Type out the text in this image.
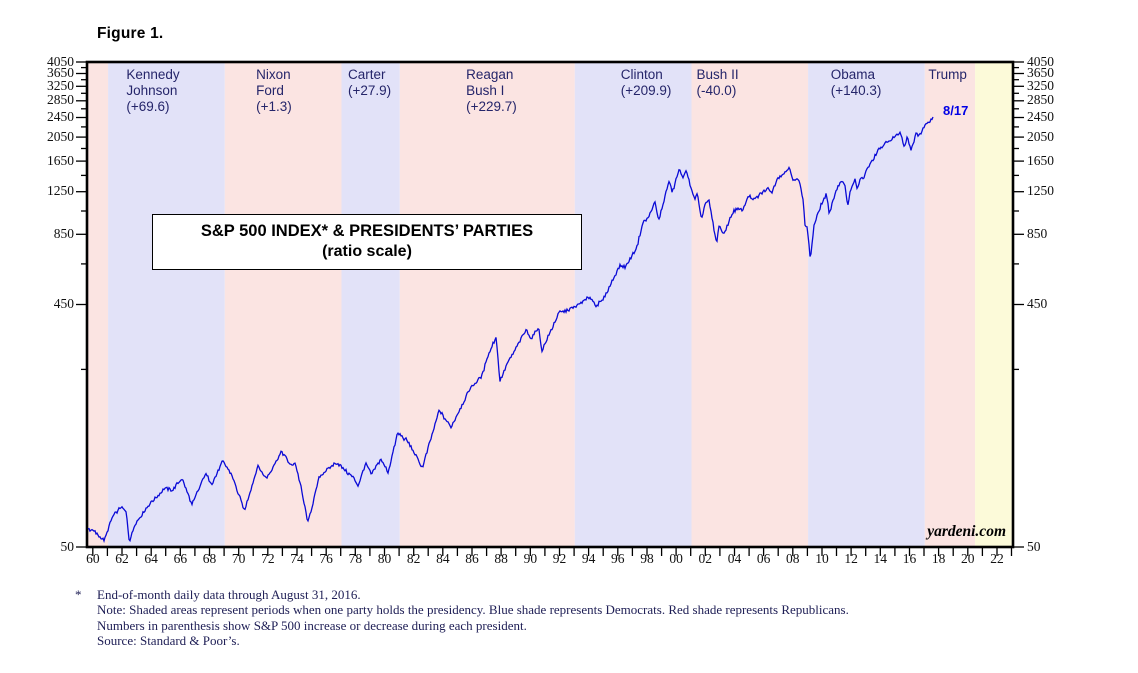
Figure 1.
50	50
450	450
850	850
1250	1250
1650	1650
2050	2050
2450	2450
2850	2850
3250	3250
3650	3650
4050	4050
60	62	64	66	68	70	72	74	76	78	80	82	84	86	88	90	92	94	96	98	00	02	04	06	08	10	12	14	16	18	20	22
Kennedy
Johnson
(+69.6)
Nixon
Ford
(+1.3)
Carter
(+27.9)
Reagan
Bush I
(+229.7)
Clinton
(+209.9)
Bush II
(-40.0)
Obama
(+140.3)
Trump
S&P 500 INDEX* & PRESIDENTS’ PARTIES
(ratio scale)
yardeni.com
8/17
* End-of-month daily data through August 31, 2016.
Note: Shaded areas represent periods when one party holds the presidency. Blue shade represents Democrats. Red shade represents Republicans.
Numbers in parenthesis show S&P 500 increase or decrease during each president.
Source: Standard & Poor’s.
